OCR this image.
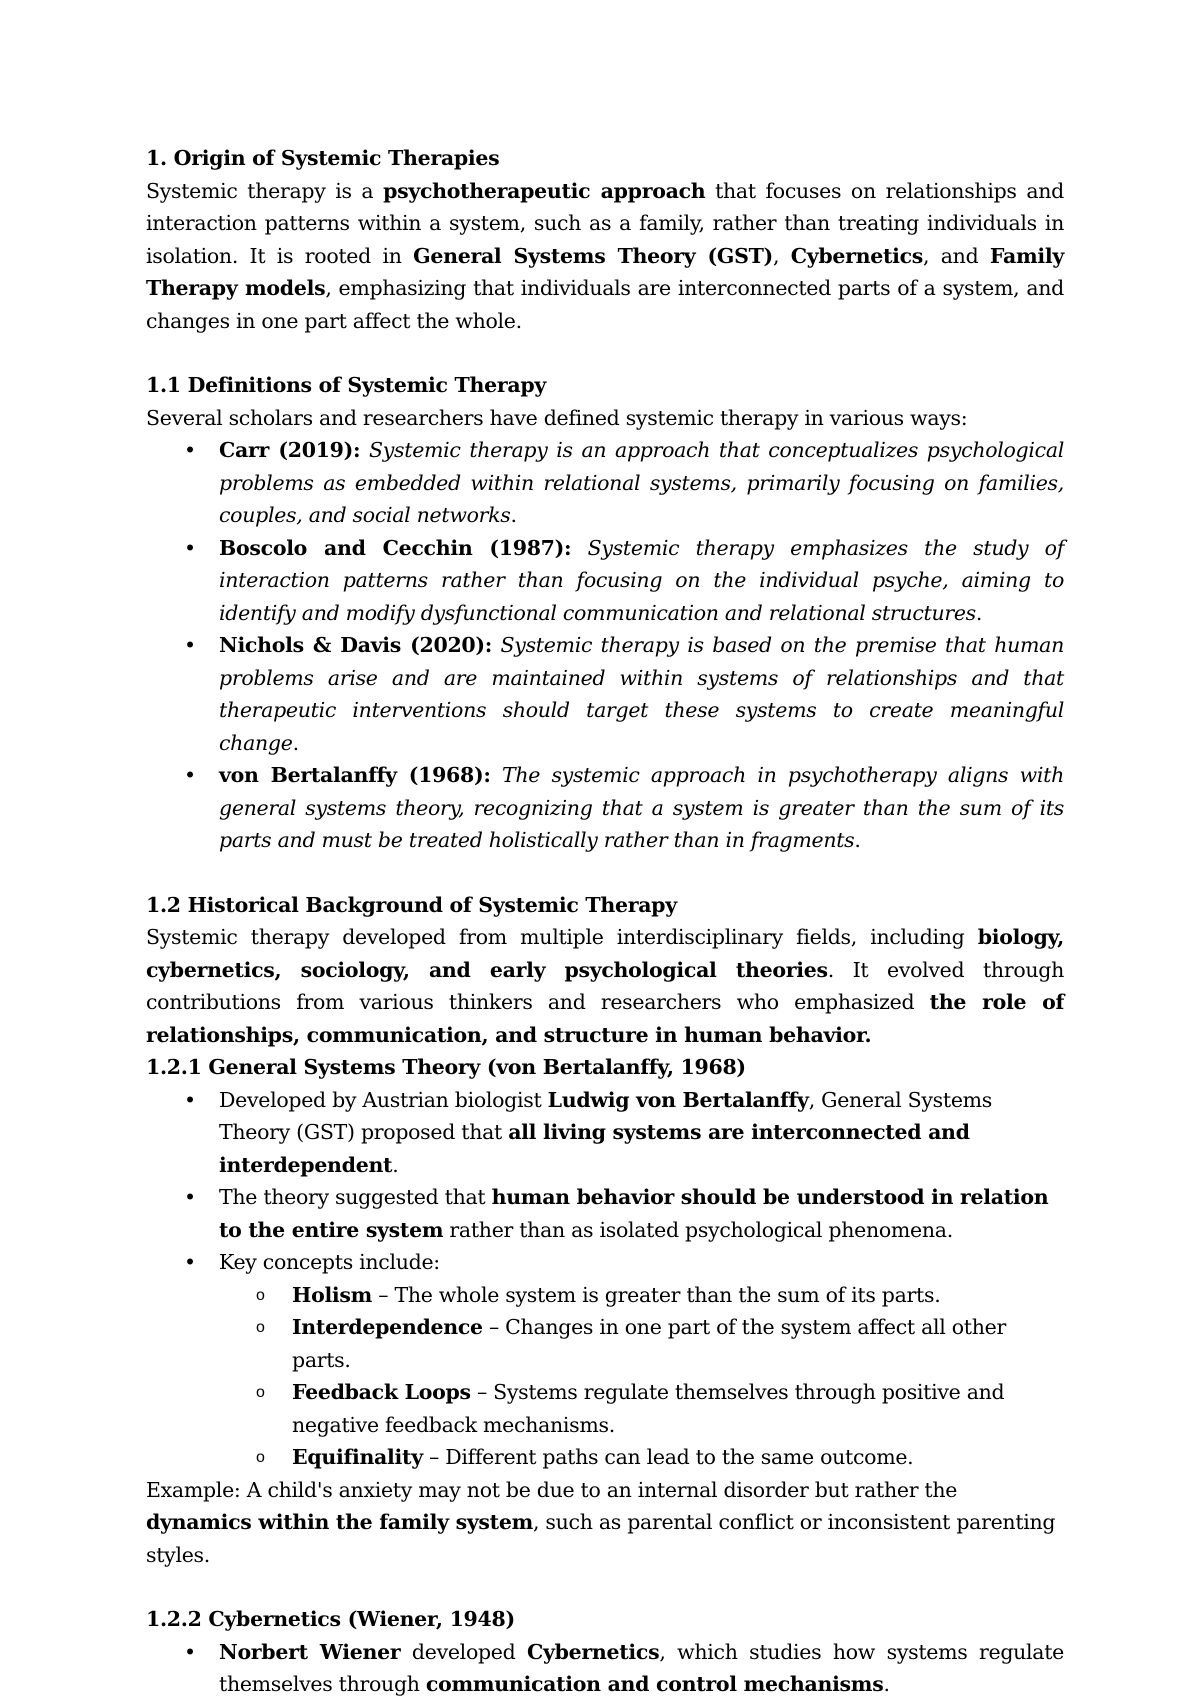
1. Origin of Systemic Therapies

Systemic therapy is a psychotherapeutic approach that focuses on relationships and interaction patterns within a system, such as a family, rather than treating individuals in isolation. It is rooted in General Systems Theory (GST), Cybernetics, and Family Therapy models, emphasizing that individuals are interconnected parts of a system, and changes in one part affect the whole.

1.1 Definitions of Systemic Therapy

Several scholars and researchers have defined systemic therapy in various ways:

• Carr (2019): Systemic therapy is an approach that conceptualizes psychological problems as embedded within relational systems, primarily focusing on families, couples, and social networks.
• Boscolo and Cecchin (1987): Systemic therapy emphasizes the study of interaction patterns rather than focusing on the individual psyche, aiming to identify and modify dysfunctional communication and relational structures.
• Nichols & Davis (2020): Systemic therapy is based on the premise that human problems arise and are maintained within systems of relationships and that therapeutic interventions should target these systems to create meaningful change.
• von Bertalanffy (1968): The systemic approach in psychotherapy aligns with general systems theory, recognizing that a system is greater than the sum of its parts and must be treated holistically rather than in fragments.
1.2 Historical Background of Systemic Therapy

Systemic therapy developed from multiple interdisciplinary fields, including biology, cybernetics, sociology, and early psychological theories. It evolved through contributions from various thinkers and researchers who emphasized the role of relationships, communication, and structure in human behavior.

1.2.1 General Systems Theory (von Bertalanffy, 1968)
• Developed by Austrian biologist Ludwig von Bertalanffy, General Systems Theory (GST) proposed that all living systems are interconnected and interdependent.
• The theory suggested that human behavior should be understood in relation to the entire system rather than as isolated psychological phenomena.
• Key concepts include:
o Holism – The whole system is greater than the sum of its parts.
o Interdependence – Changes in one part of the system affect all other parts.
o Feedback Loops – Systems regulate themselves through positive and negative feedback mechanisms.
o Equifinality – Different paths can lead to the same outcome.

Example: A child's anxiety may not be due to an internal disorder but rather the dynamics within the family system, such as parental conflict or inconsistent parenting styles.

1.2.2 Cybernetics (Wiener, 1948)
• Norbert Wiener developed Cybernetics, which studies how systems regulate themselves through communication and control mechanisms.
